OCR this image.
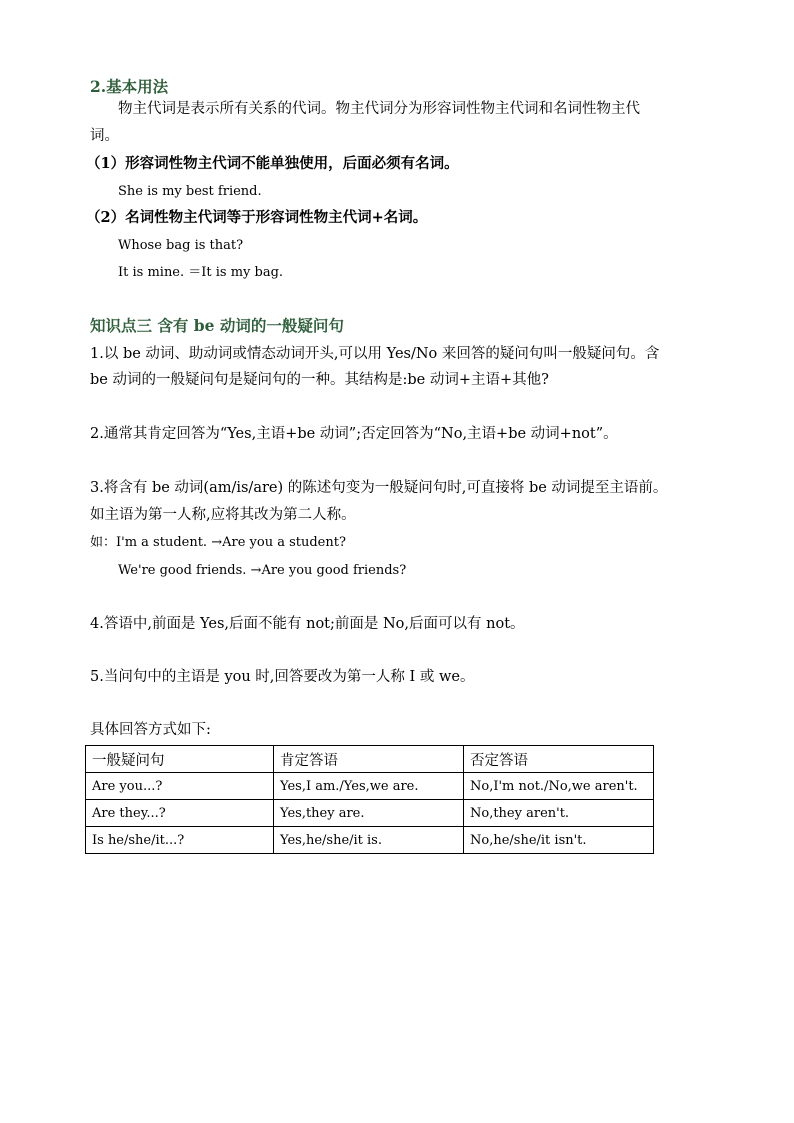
2.基本用法
物主代词是表示所有关系的代词。物主代词分为形容词性物主代词和名词性物主代
词。
（1）形容词性物主代词不能单独使用，后面必须有名词。
She is my best friend.
（2）名词性物主代词等于形容词性物主代词+名词。
Whose bag is that?
It is mine. ＝It is my bag.
知识点三 含有 be 动词的一般疑问句
1.以 be 动词、助动词或情态动词开头,可以用 Yes/No 来回答的疑问句叫一般疑问句。含
be 动词的一般疑问句是疑问句的一种。其结构是:be 动词+主语+其他?
2.通常其肯定回答为“Yes,主语+be 动词”;否定回答为“No,主语+be 动词+not”。
3.将含有 be 动词(am/is/are) 的陈述句变为一般疑问句时,可直接将 be 动词提至主语前。
如主语为第一人称,应将其改为第二人称。
如：I'm a student. →Are you a student?
We're good friends. →Are you good friends?
4.答语中,前面是 Yes,后面不能有 not;前面是 No,后面可以有 not。
5.当问句中的主语是 you 时,回答要改为第一人称 I 或 we。
具体回答方式如下:
一般疑问句	肯定答语	否定答语
Are you...?	Yes,I am./Yes,we are.	No,I'm not./No,we aren't.
Are they...?	Yes,they are.	No,they aren't.
Is he/she/it...?	Yes,he/she/it is.	No,he/she/it isn't.
